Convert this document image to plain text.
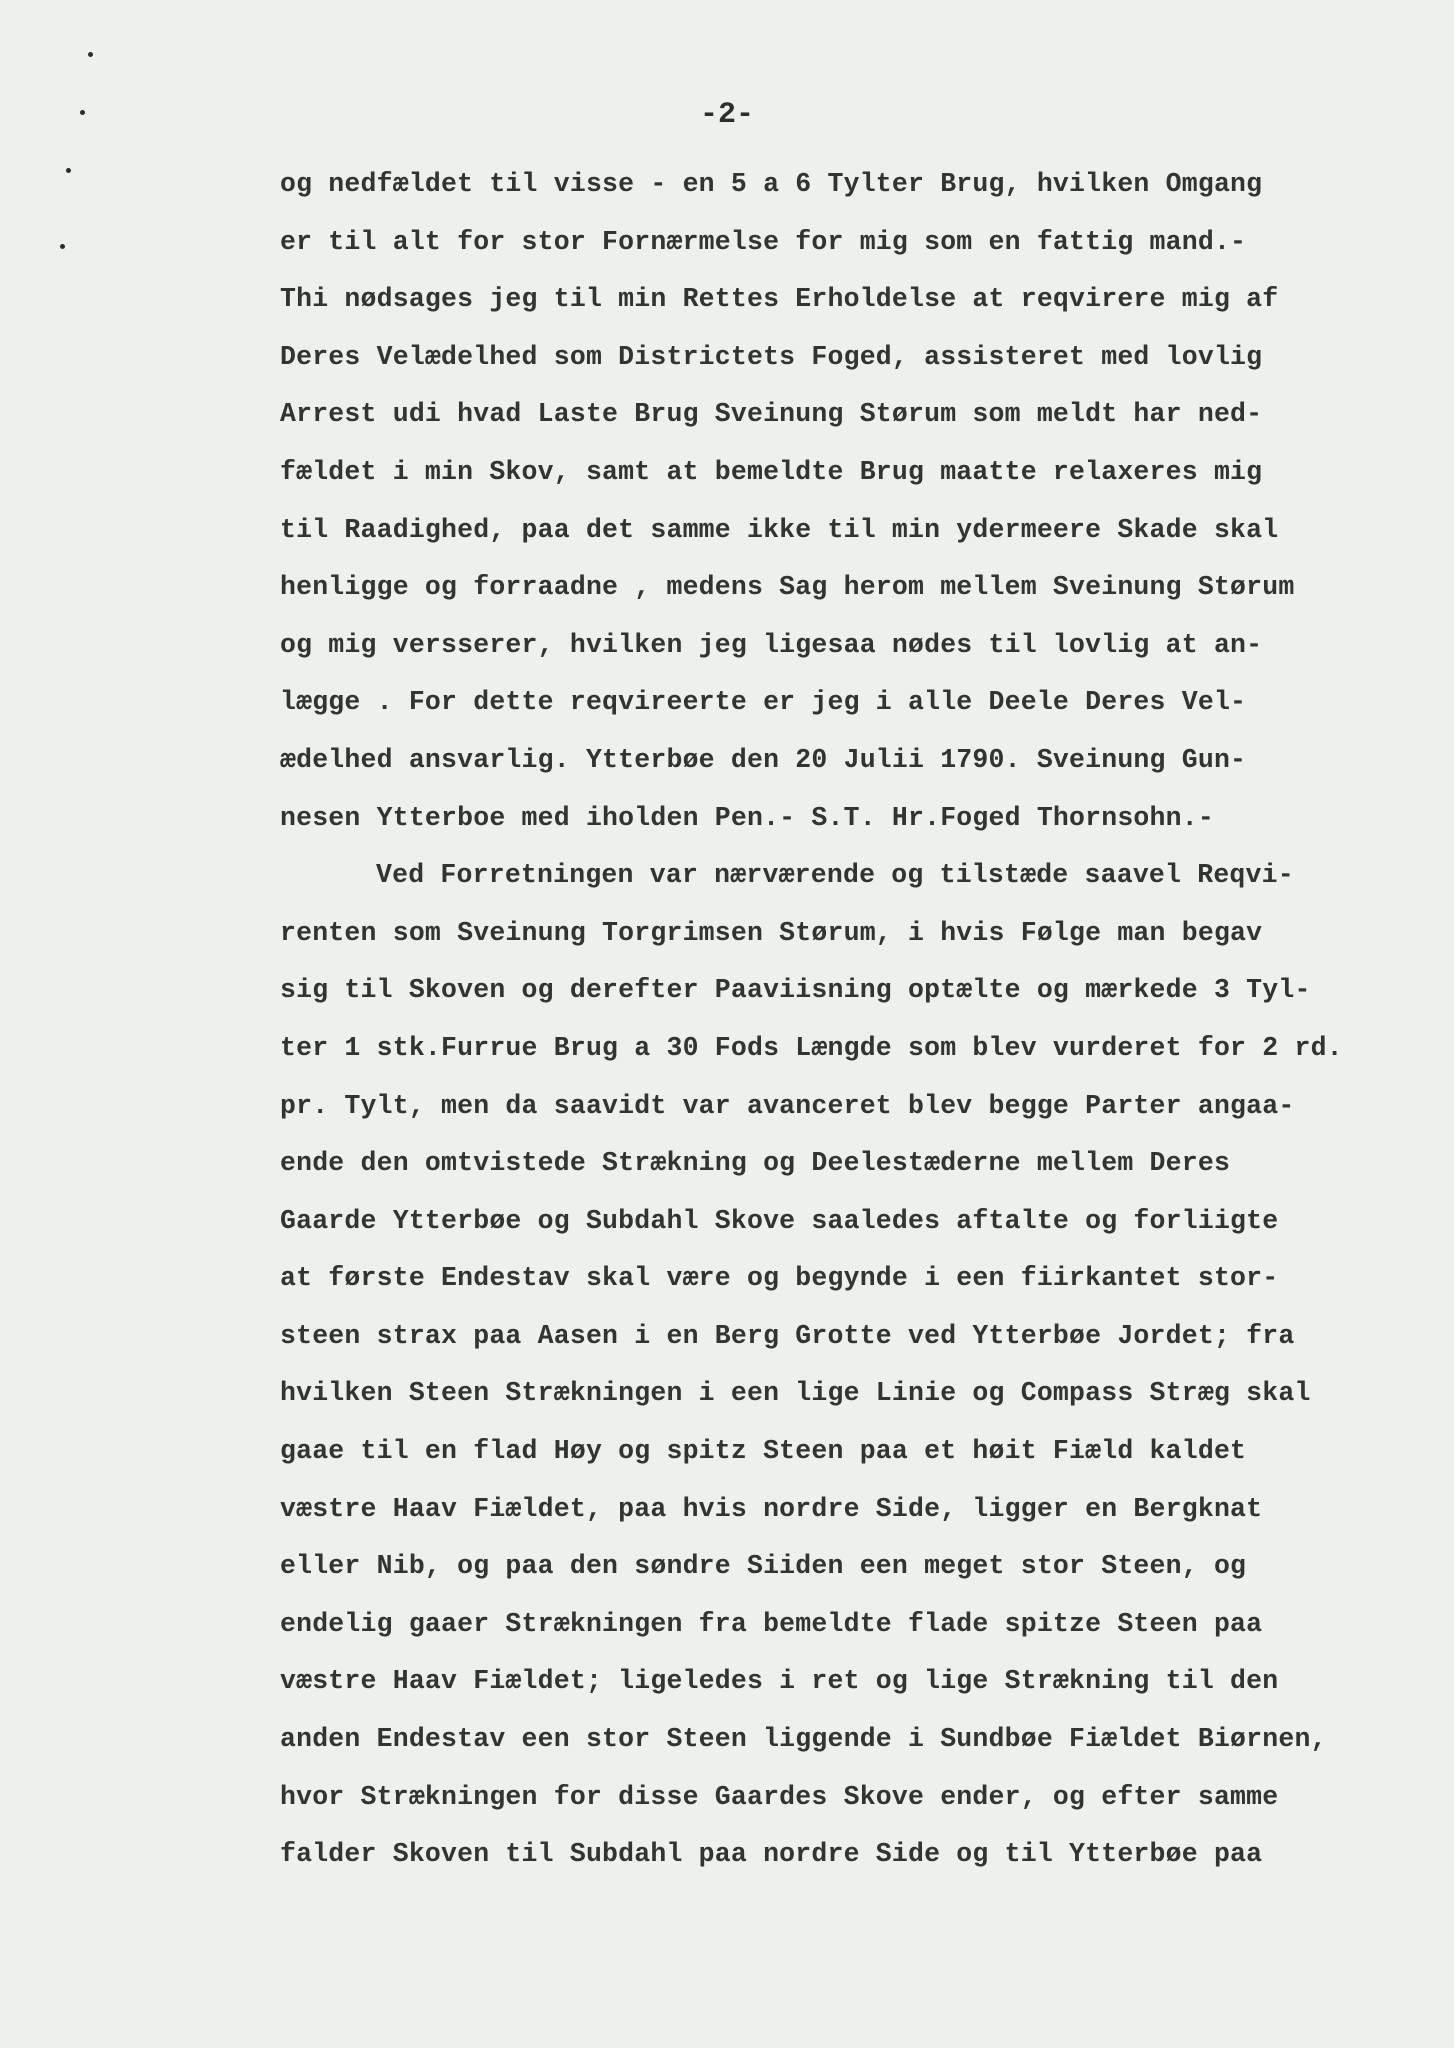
-2-
og nedfældet til visse - en 5 a 6 Tylter Brug, hvilken Omgang
er til alt for stor Fornærmelse for mig som en fattig mand.-
Thi nødsages jeg til min Rettes Erholdelse at reqvirere mig af
Deres Velædelhed som Districtets Foged, assisteret med lovlig
Arrest udi hvad Laste Brug Sveinung Størum som meldt har ned-
fældet i min Skov, samt at bemeldte Brug maatte relaxeres mig
til Raadighed, paa det samme ikke til min ydermeere Skade skal
henligge og forraadne , medens Sag herom mellem Sveinung Størum
og mig versserer, hvilken jeg ligesaa nødes til lovlig at an-
lægge . For dette reqvireerte er jeg i alle Deele Deres Vel-
ædelhed ansvarlig. Ytterbøe den 20 Julii 1790. Sveinung Gun-
nesen Ytterboe med iholden Pen.- S.T. Hr.Foged Thornsohn.-
Ved Forretningen var nærværende og tilstæde saavel Reqvi-
renten som Sveinung Torgrimsen Størum, i hvis Følge man begav
sig til Skoven og derefter Paaviisning optælte og mærkede 3 Tyl-
ter 1 stk.Furrue Brug a 30 Fods Længde som blev vurderet for 2 rd.
pr. Tylt, men da saavidt var avanceret blev begge Parter angaa-
ende den omtvistede Strækning og Deelestæderne mellem Deres
Gaarde Ytterbøe og Subdahl Skove saaledes aftalte og forliigte
at første Endestav skal være og begynde i een fiirkantet stor-
steen strax paa Aasen i en Berg Grotte ved Ytterbøe Jordet; fra
hvilken Steen Strækningen i een lige Linie og Compass Stræg skal
gaae til en flad Høy og spitz Steen paa et høit Fiæld kaldet
væstre Haav Fiældet, paa hvis nordre Side, ligger en Bergknat
eller Nib, og paa den søndre Siiden een meget stor Steen, og
endelig gaaer Strækningen fra bemeldte flade spitze Steen paa
væstre Haav Fiældet; ligeledes i ret og lige Strækning til den
anden Endestav een stor Steen liggende i Sundbøe Fiældet Biørnen,
hvor Strækningen for disse Gaardes Skove ender, og efter samme
falder Skoven til Subdahl paa nordre Side og til Ytterbøe paa
